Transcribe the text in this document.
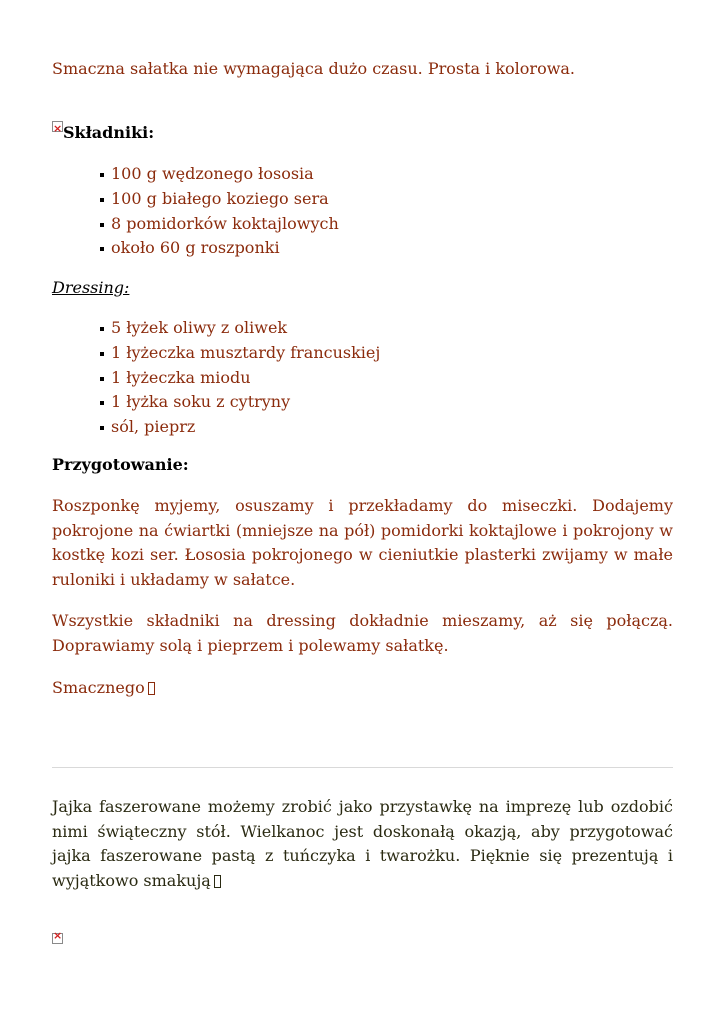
Smaczna sałatka nie wymagająca dużo czasu. Prosta i kolorowa.
×Składniki:
100 g wędzonego łososia
100 g białego koziego sera
8 pomidorków koktajlowych
około 60 g roszponki
Dressing:
5 łyżek oliwy z oliwek
1 łyżeczka musztardy francuskiej
1 łyżeczka miodu
1 łyżka soku z cytryny
sól, pieprz
Przygotowanie:

Roszponkę myjemy, osuszamy i przekładamy do miseczki. Dodajemy pokrojone na ćwiartki (mniejsze na pół) pomidorki koktajlowe i pokrojony w kostkę kozi ser. Łososia pokrojonego w cieniutkie plasterki zwijamy w małe ruloniki i układamy w sałatce.

Wszystkie składniki na dressing dokładnie mieszamy, aż się połączą. Doprawiamy solą i pieprzem i polewamy sałatkę.

Smacznego

Jajka faszerowane możemy zrobić jako przystawkę na imprezę lub ozdobić nimi świąteczny stół. Wielkanoc jest doskonałą okazją, aby przygotować jajka faszerowane pastą z tuńczyka i twarożku. Pięknie się prezentują i wyjątkowo smakują

×
